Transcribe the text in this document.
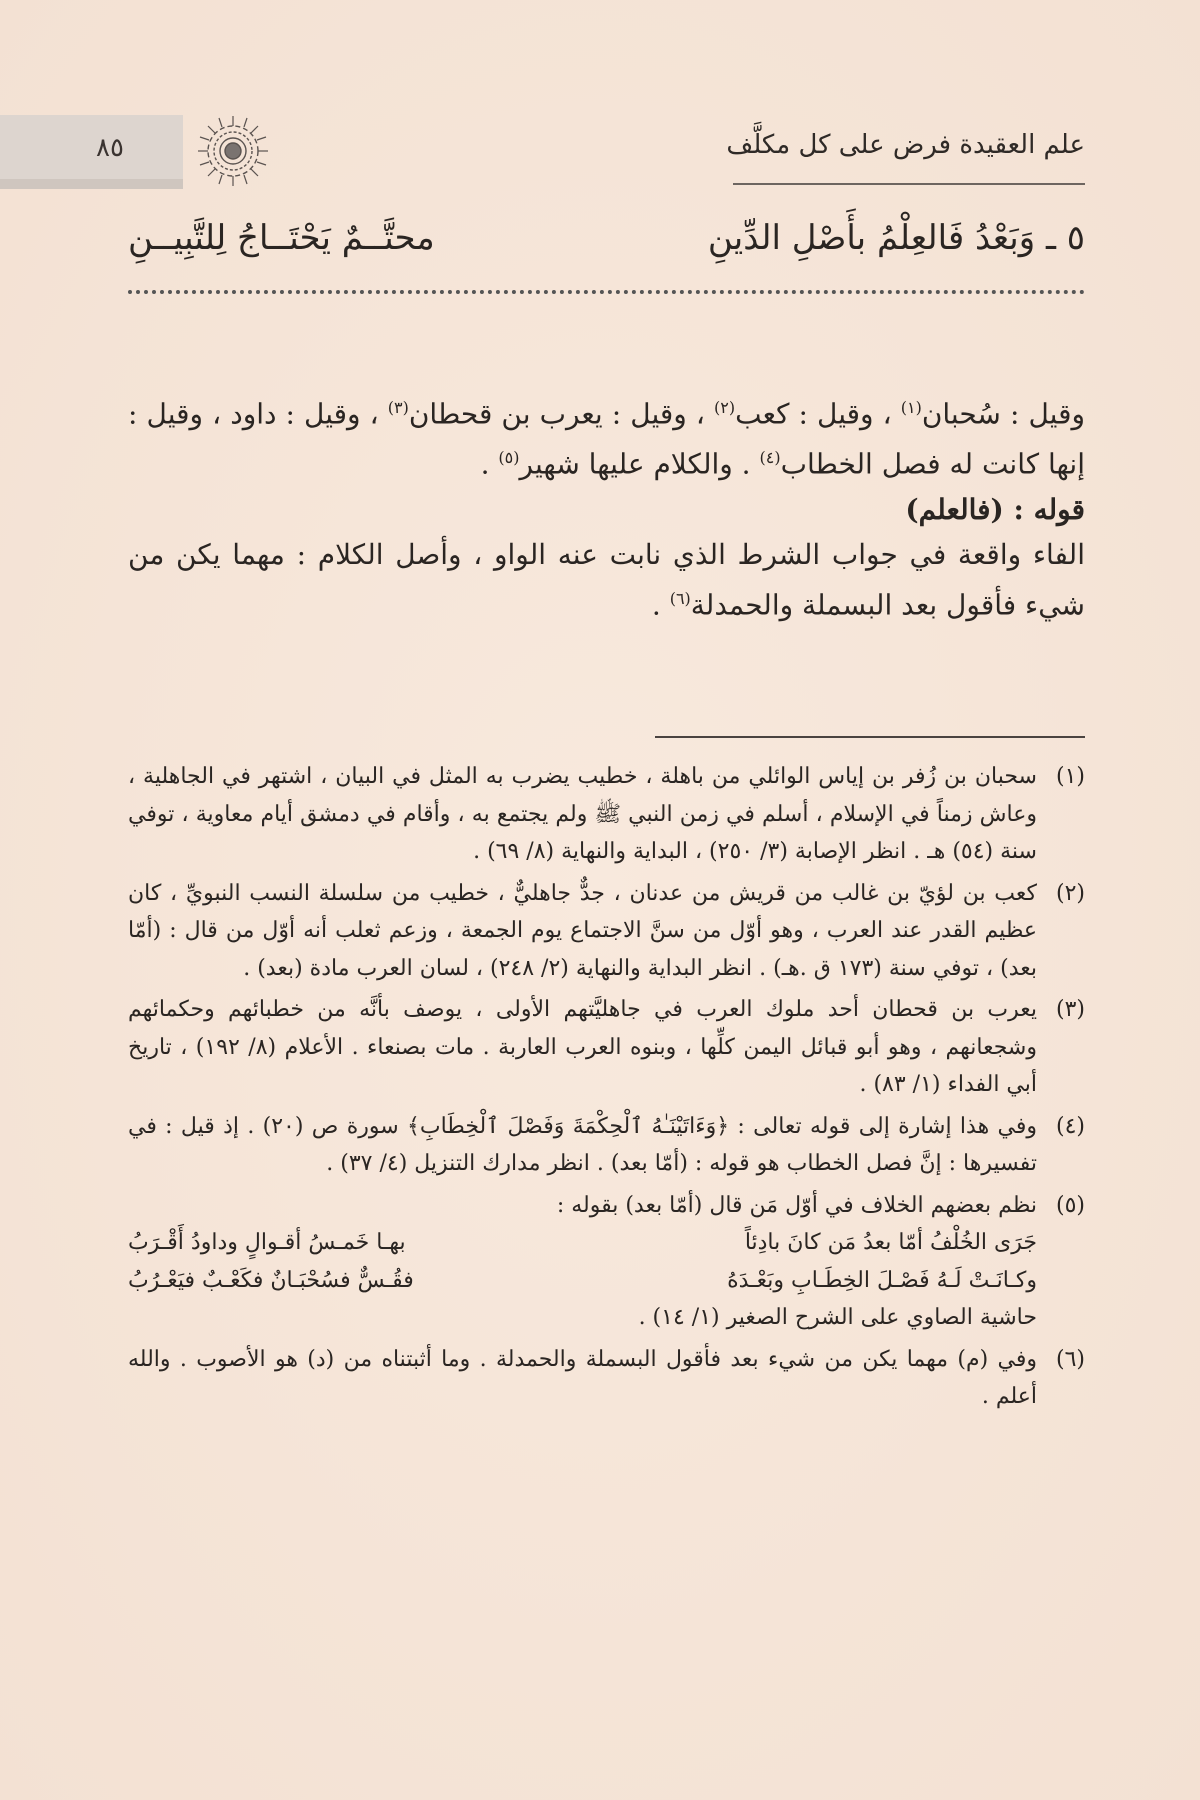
٨٥	علم العقيدة فرض على كل مكلَّف
٥ ـ وَبَعْدُ فَالعِلْمُ بأَصْلِ الدِّينِ
محتَّــمٌ يَحْتَــاجُ لِلتَّبِيــنِ

وقيل : سُحبان$^{(١)}$ ، وقيل : كعب$^{(٢)}$ ، وقيل : يعرب بن قحطان$^{(٣)}$ ، وقيل : داود ، وقيل : إنها كانت له فصل الخطاب$^{(٤)}$ . والكلام عليها شهير$^{(٥)}$ .

قوله : (فالعلم)

الفاء واقعة في جواب الشرط الذي نابت عنه الواو ، وأصل الكلام : مهما يكن من شيء فأقول بعد البسملة والحمدلة$^{(٦)}$ .

(١)
سحبان بن زُفر بن إياس الوائلي من باهلة ، خطيب يضرب به المثل في البيان ، اشتهر في الجاهلية ، وعاش زمناً في الإسلام ، أسلم في زمن النبي ﷺ ولم يجتمع به ، وأقام في دمشق أيام معاوية ، توفي سنة (٥٤) هـ . انظر الإصابة (٣/ ٢٥٠) ، البداية والنهاية (٨/ ٦٩) .
(٢)
كعب بن لؤيّ بن غالب من قريش من عدنان ، جدٌّ جاهليٌّ ، خطيب من سلسلة النسب النبويِّ ، كان عظيم القدر عند العرب ، وهو أوّل من سنَّ الاجتماع يوم الجمعة ، وزعم ثعلب أنه أوّل من قال : (أمّا بعد) ، توفي سنة (١٧٣ ق .هـ) . انظر البداية والنهاية (٢/ ٢٤٨) ، لسان العرب مادة (بعد) .
(٣)
يعرب بن قحطان أحد ملوك العرب في جاهليَّتهم الأولى ، يوصف بأنَّه من خطبائهم وحكمائهم وشجعانهم ، وهو أبو قبائل اليمن كلِّها ، وبنوه العرب العاربة . مات بصنعاء . الأعلام (٨/ ١٩٢) ، تاريخ أبي الفداء (١/ ٨٣) .
(٤)
وفي هذا إشارة إلى قوله تعالى : ﴿وَءَاتَيْنَـٰهُ ٱلْحِكْمَةَ وَفَصْلَ ٱلْخِطَابِ﴾ سورة ص (٢٠) . إذ قيل : في تفسيرها : إنَّ فصل الخطاب هو قوله : (أمّا بعد) . انظر مدارك التنزيل (٤/ ٣٧) .
(٥)
نظم بعضهم الخلاف في أوّل مَن قال (أمّا بعد) بقوله :
جَرَى الخُلْفُ أمّا بعدُ مَن كانَ بادِئاً
بهـا خَمـسُ أقـوالٍ وداودُ أَقْـرَبُ
وكـانَـتْ لَـهُ فَصْـلَ الخِطَـابِ وبَعْـدَهُ
فقُـسٌّ فسُحْبَـانٌ فكَعْـبٌ فيَعْـرُبُ
حاشية الصاوي على الشرح الصغير (١/ ١٤) .
(٦)
وفي (م) مهما يكن من شيء بعد فأقول البسملة والحمدلة . وما أثبتناه من (د) هو الأصوب . والله أعلم .
